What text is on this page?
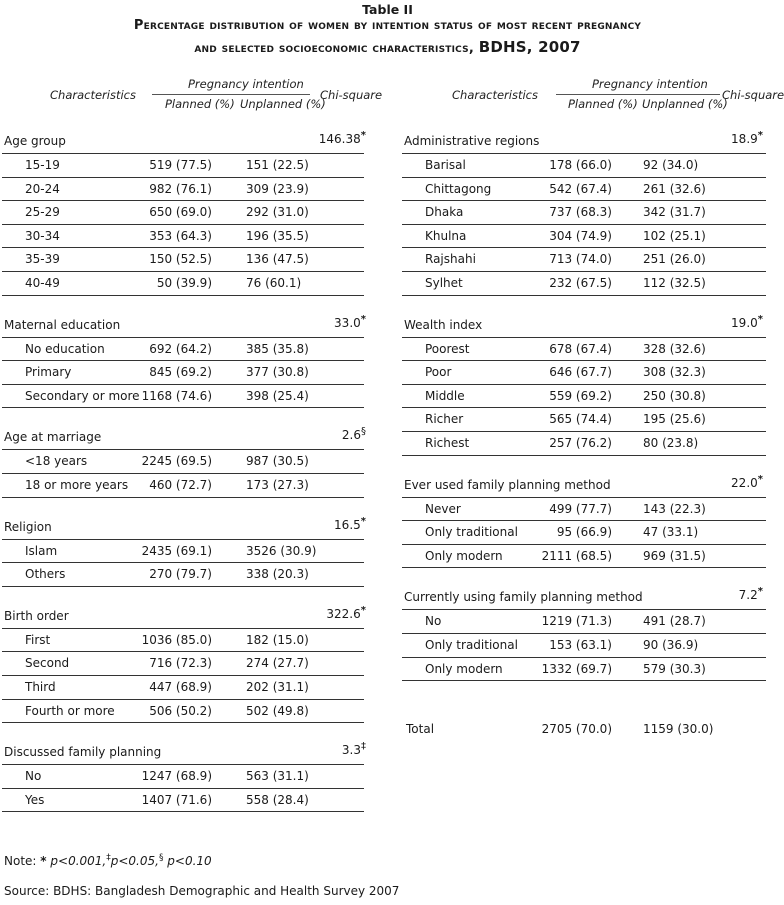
Table II
Percentage distribution of women by intention status of most recent pregnancy
and selected socioeconomic characteristics, BDHS, 2007
Characteristics
Pregnancy intention
Planned (%) Unplanned (%)
Chi-square
Age group	146.38*
15-19	519 (77.5)	151 (22.5)
20-24	982 (76.1)	309 (23.9)
25-29	650 (69.0)	292 (31.0)
30-34	353 (64.3)	196 (35.5)
35-39	150 (52.5)	136 (47.5)
40-49	50 (39.9)	76 (60.1)
Maternal education	33.0*
No education	692 (64.2)	385 (35.8)
Primary	845 (69.2)	377 (30.8)
Secondary or more 1168 (74.6)	398 (25.4)
Age at marriage	2.6§
<18 years	2245 (69.5)	987 (30.5)
18 or more years	460 (72.7)	173 (27.3)
Religion	16.5*
Islam	2435 (69.1)	3526 (30.9)
Others	270 (79.7)	338 (20.3)
Birth order	322.6*
First	1036 (85.0)	182 (15.0)
Second	716 (72.3)	274 (27.7)
Third	447 (68.9)	202 (31.1)
Fourth or more	506 (50.2)	502 (49.8)
Discussed family planning	3.3‡
No	1247 (68.9)	563 (31.1)
Yes	1407 (71.6)	558 (28.4)
Characteristics
Pregnancy intention
Planned (%) Unplanned (%)
Chi-square
Administrative regions	18.9*
Barisal	178 (66.0)	92 (34.0)
Chittagong	542 (67.4)	261 (32.6)
Dhaka	737 (68.3)	342 (31.7)
Khulna	304 (74.9)	102 (25.1)
Rajshahi	713 (74.0)	251 (26.0)
Sylhet	232 (67.5)	112 (32.5)
Wealth index	19.0*
Poorest	678 (67.4)	328 (32.6)
Poor	646 (67.7)	308 (32.3)
Middle	559 (69.2)	250 (30.8)
Richer	565 (74.4)	195 (25.6)
Richest	257 (76.2)	80 (23.8)
Ever used family planning method	22.0*
Never	499 (77.7)	143 (22.3)
Only traditional	95 (66.9)	47 (33.1)
Only modern	2111 (68.5)	969 (31.5)
Currently using family planning method	7.2*
No	1219 (71.3)	491 (28.7)
Only traditional	153 (63.1)	90 (36.9)
Only modern	1332 (69.7)	579 (30.3)
Total	2705 (70.0)	1159 (30.0)
Note: * p<0.001,‡p<0.05,§ p<0.10
Source: BDHS: Bangladesh Demographic and Health Survey 2007
